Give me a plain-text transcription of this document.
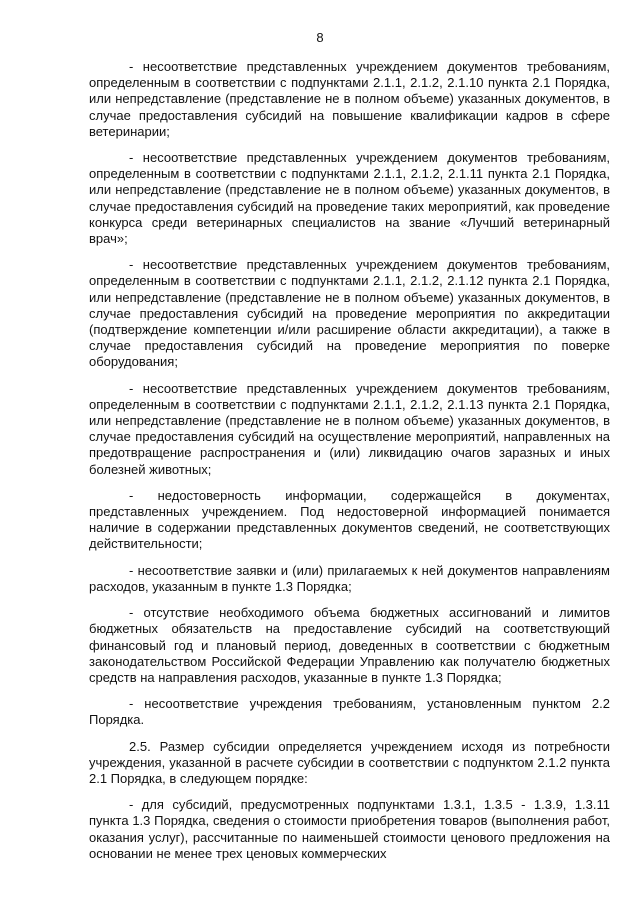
8

- несоответствие представленных учреждением документов требованиям, определенным в соответствии с подпунктами 2.1.1, 2.1.2, 2.1.10 пункта 2.1 Порядка, или непредставление (представление не в полном объеме) указанных документов, в случае предоставления субсидий на повышение квалификации кадров в сфере ветеринарии;

- несоответствие представленных учреждением документов требованиям, определенным в соответствии с подпунктами 2.1.1, 2.1.2, 2.1.11 пункта 2.1 Порядка, или непредставление (представление не в полном объеме) указанных документов, в случае предоставления субсидий на проведение таких мероприятий, как проведение конкурса среди ветеринарных специалистов на звание «Лучший ветеринарный врач»;

- несоответствие представленных учреждением документов требованиям, определенным в соответствии с подпунктами 2.1.1, 2.1.2, 2.1.12 пункта 2.1 Порядка, или непредставление (представление не в полном объеме) указанных документов, в случае предоставления субсидий на проведение мероприятия по аккредитации (подтверждение компетенции и/или расширение области аккредитации), а также в случае предоставления субсидий на проведение мероприятия по поверке оборудования;

- несоответствие представленных учреждением документов требованиям, определенным в соответствии с подпунктами 2.1.1, 2.1.2, 2.1.13 пункта 2.1 Порядка, или непредставление (представление не в полном объеме) указанных документов, в случае предоставления субсидий на осуществление мероприятий, направленных на предотвращение распространения и (или) ликвидацию очагов заразных и иных болезней животных;

- недостоверность информации, содержащейся в документах, представленных учреждением. Под недостоверной информацией понимается наличие в содержании представленных документов сведений, не соответствующих действительности;

- несоответствие заявки и (или) прилагаемых к ней документов направлениям расходов, указанным в пункте 1.3 Порядка;

- отсутствие необходимого объема бюджетных ассигнований и лимитов бюджетных обязательств на предоставление субсидий на соответствующий финансовый год и плановый период, доведенных в соответствии с бюджетным законодательством Российской Федерации Управлению как получателю бюджетных средств на направления расходов, указанные в пункте 1.3 Порядка;

- несоответствие учреждения требованиям, установленным пунктом 2.2 Порядка.

2.5. Размер субсидии определяется учреждением исходя из потребности учреждения, указанной в расчете субсидии в соответствии с подпунктом 2.1.2 пункта 2.1 Порядка, в следующем порядке:

- для субсидий, предусмотренных подпунктами 1.3.1, 1.3.5 - 1.3.9, 1.3.11 пункта 1.3 Порядка, сведения о стоимости приобретения товаров (выполнения работ, оказания услуг), рассчитанные по наименьшей стоимости ценового предложения на основании не менее трех ценовых коммерческих
